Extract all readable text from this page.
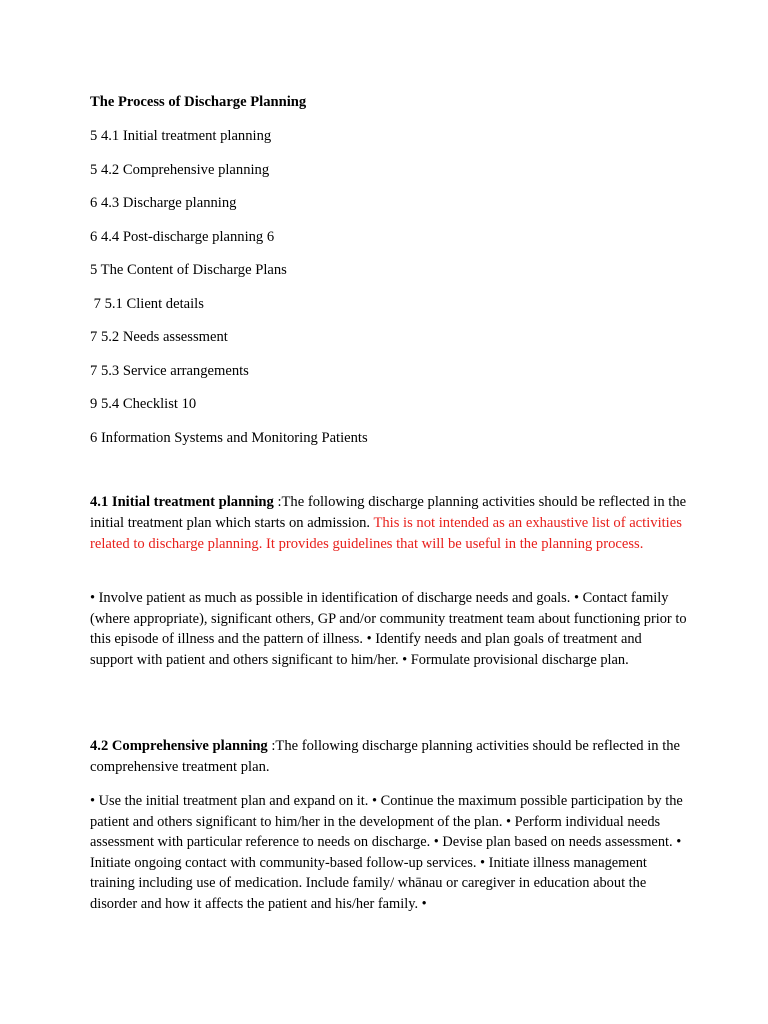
The Process of Discharge Planning
5 4.1 Initial treatment planning
5 4.2 Comprehensive planning
6 4.3 Discharge planning
6 4.4 Post-discharge planning 6
5 The Content of Discharge Plans
7 5.1 Client details
7 5.2 Needs assessment
7 5.3 Service arrangements
9 5.4 Checklist 10
6 Information Systems and Monitoring Patients

4.1 Initial treatment planning :The following discharge planning activities should be reflected in the initial treatment plan which starts on admission. This is not intended as an exhaustive list of activities related to discharge planning. It provides guidelines that will be useful in the planning process.

• Involve patient as much as possible in identification of discharge needs and goals. • Contact family (where appropriate), significant others, GP and/or community treatment team about functioning prior to this episode of illness and the pattern of illness. • Identify needs and plan goals of treatment and support with patient and others significant to him/her. • Formulate provisional discharge plan.

4.2 Comprehensive planning :The following discharge planning activities should be reflected in the comprehensive treatment plan.

• Use the initial treatment plan and expand on it. • Continue the maximum possible participation by the patient and others significant to him/her in the development of the plan. • Perform individual needs assessment with particular reference to needs on discharge. • Devise plan based on needs assessment. • Initiate ongoing contact with community-based follow-up services. • Initiate illness management training including use of medication. Include family/ whānau or caregiver in education about the disorder and how it affects the patient and his/her family. •
